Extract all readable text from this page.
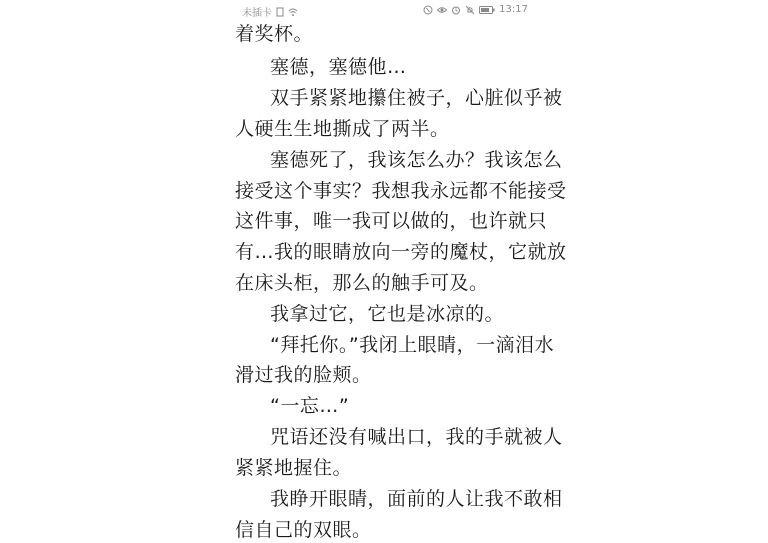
未插卡	13:17
着奖杯。
塞德，塞德他…
双手紧紧地攥住被子，心脏似乎被
人硬生生地撕成了两半。
塞德死了，我该怎么办？我该怎么
接受这个事实？我想我永远都不能接受
这件事，唯一我可以做的，也许就只
有…我的眼睛放向一旁的魔杖，它就放
在床头柜，那么的触手可及。
我拿过它，它也是冰凉的。
“拜托你。”我闭上眼睛，一滴泪水
滑过我的脸颊。
“一忘…”
咒语还没有喊出口，我的手就被人
紧紧地握住。
我睁开眼睛，面前的人让我不敢相
信自己的双眼。
